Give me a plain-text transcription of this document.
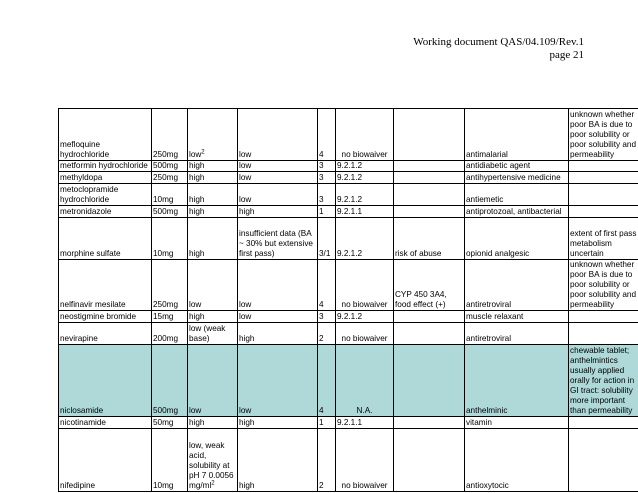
Working document QAS/04.109/Rev.1
page 21
mefloquine hydrochloride	250mg	low$^2$	low	4	no biowaiver		antimalarial	unknown whether poor BA is due to poor solubility or poor solubility and permeability
metformin hydrochloride	500mg	high	low	3	9.2.1.2		antidiabetic agent	
methyldopa	250mg	high	low	3	9.2.1.2		antihypertensive medicine	
metoclopramide hydrochloride	10mg	high	low	3	9.2.1.2		antiemetic	
metronidazole	500mg	high	high	1	9.2.1.1		antiprotozoal, antibacterial	
morphine sulfate	10mg	high	insufficient data (BA ~ 30% but extensive first pass)	3/1	9.2.1.2	risk of abuse	opionid analgesic	extent of first pass metabolism uncertain
nelfinavir mesilate	250mg	low	low	4	no biowaiver	CYP 450 3A4, food effect (+)	antiretroviral	unknown whether poor BA is due to poor solubility or poor solubility and permeability
neostigmine bromide	15mg	high	low	3	9.2.1.2		muscle relaxant	
nevirapine	200mg	low (weak base)	high	2	no biowaiver		antiretroviral	
niclosamide	500mg	low	low	4	N.A.		anthelminic	chewable tablet; anthelmintics usually applied orally for action in GI tract: solubility more important than permeability
nicotinamide	50mg	high	high	1	9.2.1.1		vitamin	
nifedipine	10mg	low, weak acid, solubility at pH 7 0.0056 $mg/ml^2$	high	2	no biowaiver		antioxytocic	
